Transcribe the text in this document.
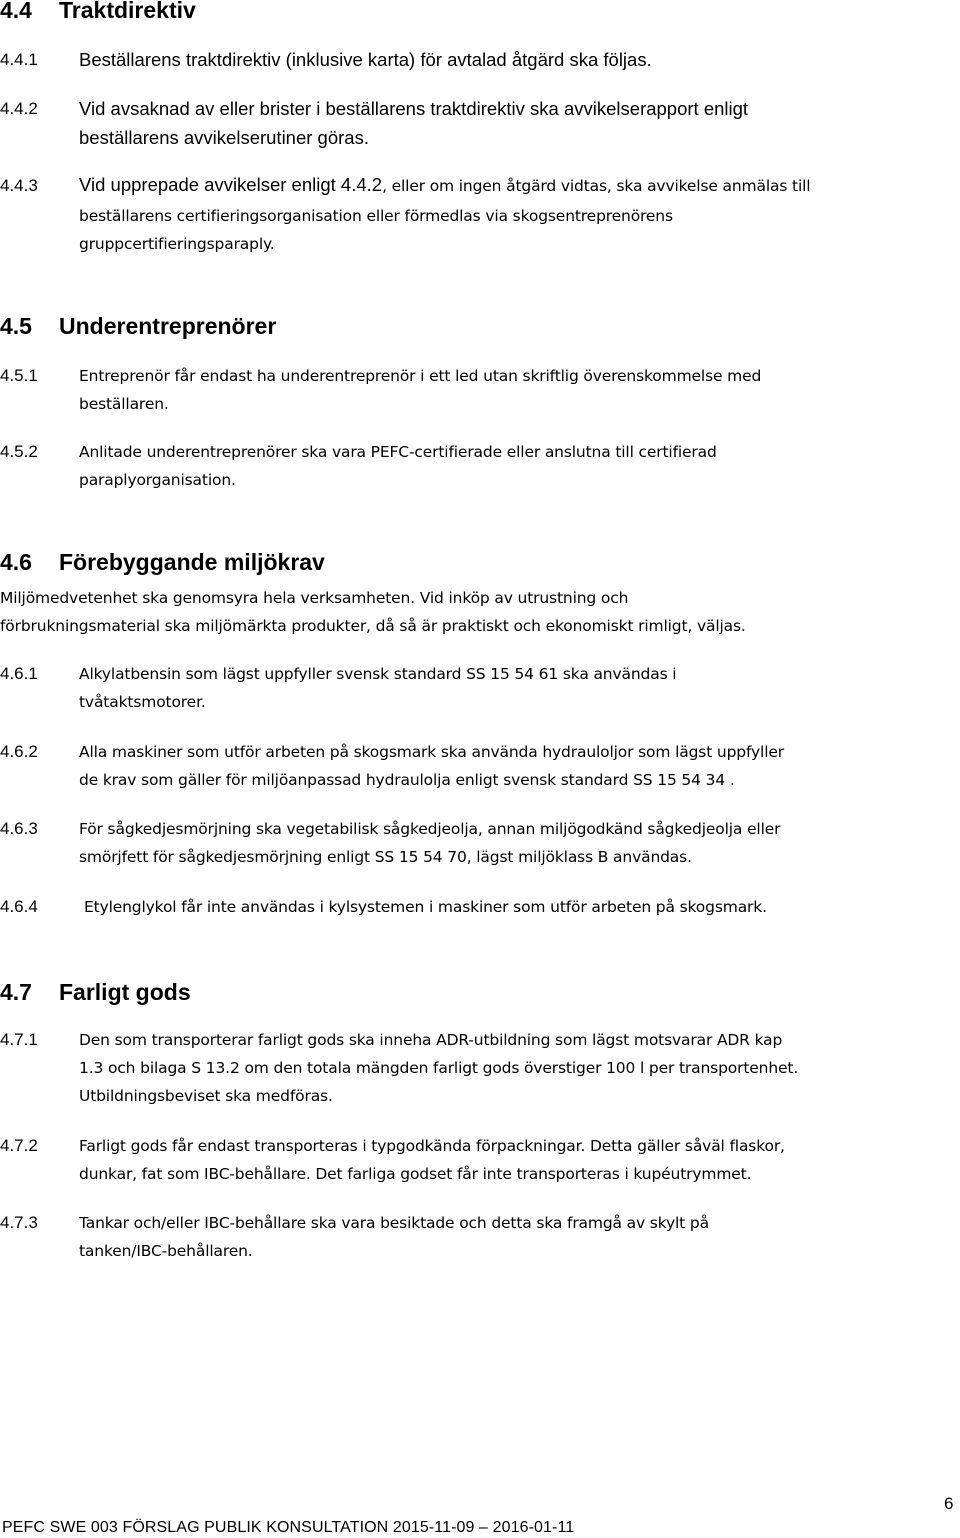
4.4 Traktdirektiv
4.4.1 Beställarens traktdirektiv (inklusive karta) för avtalad åtgärd ska följas.
4.4.2 Vid avsaknad av eller brister i beställarens traktdirektiv ska avvikelserapport enligt
beställarens avvikelserutiner göras.
4.4.3 Vid upprepade avvikelser enligt 4.4.2, eller om ingen åtgärd vidtas, ska avvikelse anmälas till
beställarens certifieringsorganisation eller förmedlas via skogsentreprenörens
gruppcertifieringsparaply.
4.5 Underentreprenörer
4.5.1	Entreprenör får endast ha underentreprenör i ett led utan skriftlig överenskommelse med
beställaren.
4.5.2	Anlitade underentreprenörer ska vara PEFC-certifierade eller anslutna till certifierad
paraplyorganisation.
4.6 Förebyggande miljökrav
Miljömedvetenhet ska genomsyra hela verksamheten. Vid inköp av utrustning och
förbrukningsmaterial ska miljömärkta produkter, då så är praktiskt och ekonomiskt rimligt, väljas.
4.6.1	Alkylatbensin som lägst uppfyller svensk standard SS 15 54 61 ska användas i
tvåtaktsmotorer.
4.6.2	Alla maskiner som utför arbeten på skogsmark ska använda hydrauloljor som lägst uppfyller
de krav som gäller för miljöanpassad hydraulolja enligt svensk standard SS 15 54 34 .
4.6.3	För sågkedjesmörjning ska vegetabilisk sågkedjeolja, annan miljögodkänd sågkedjeolja eller
smörjfett för sågkedjesmörjning enligt SS 15 54 70, lägst miljöklass B användas.
4.6.4	Etylenglykol får inte användas i kylsystemen i maskiner som utför arbeten på skogsmark.
4.7 Farligt gods
4.7.1	Den som transporterar farligt gods ska inneha ADR-utbildning som lägst motsvarar ADR kap
1.3 och bilaga S 13.2 om den totala mängden farligt gods överstiger 100 l per transportenhet.
Utbildningsbeviset ska medföras.
4.7.2	Farligt gods får endast transporteras i typgodkända förpackningar. Detta gäller såväl flaskor,
dunkar, fat som IBC-behållare. Det farliga godset får inte transporteras i kupéutrymmet.
4.7.3	Tankar och/eller IBC-behållare ska vara besiktade och detta ska framgå av skylt på
tanken/IBC-behållaren.
6
PEFC SWE 003 FÖRSLAG PUBLIK KONSULTATION 2015-11-09 – 2016-01-11
